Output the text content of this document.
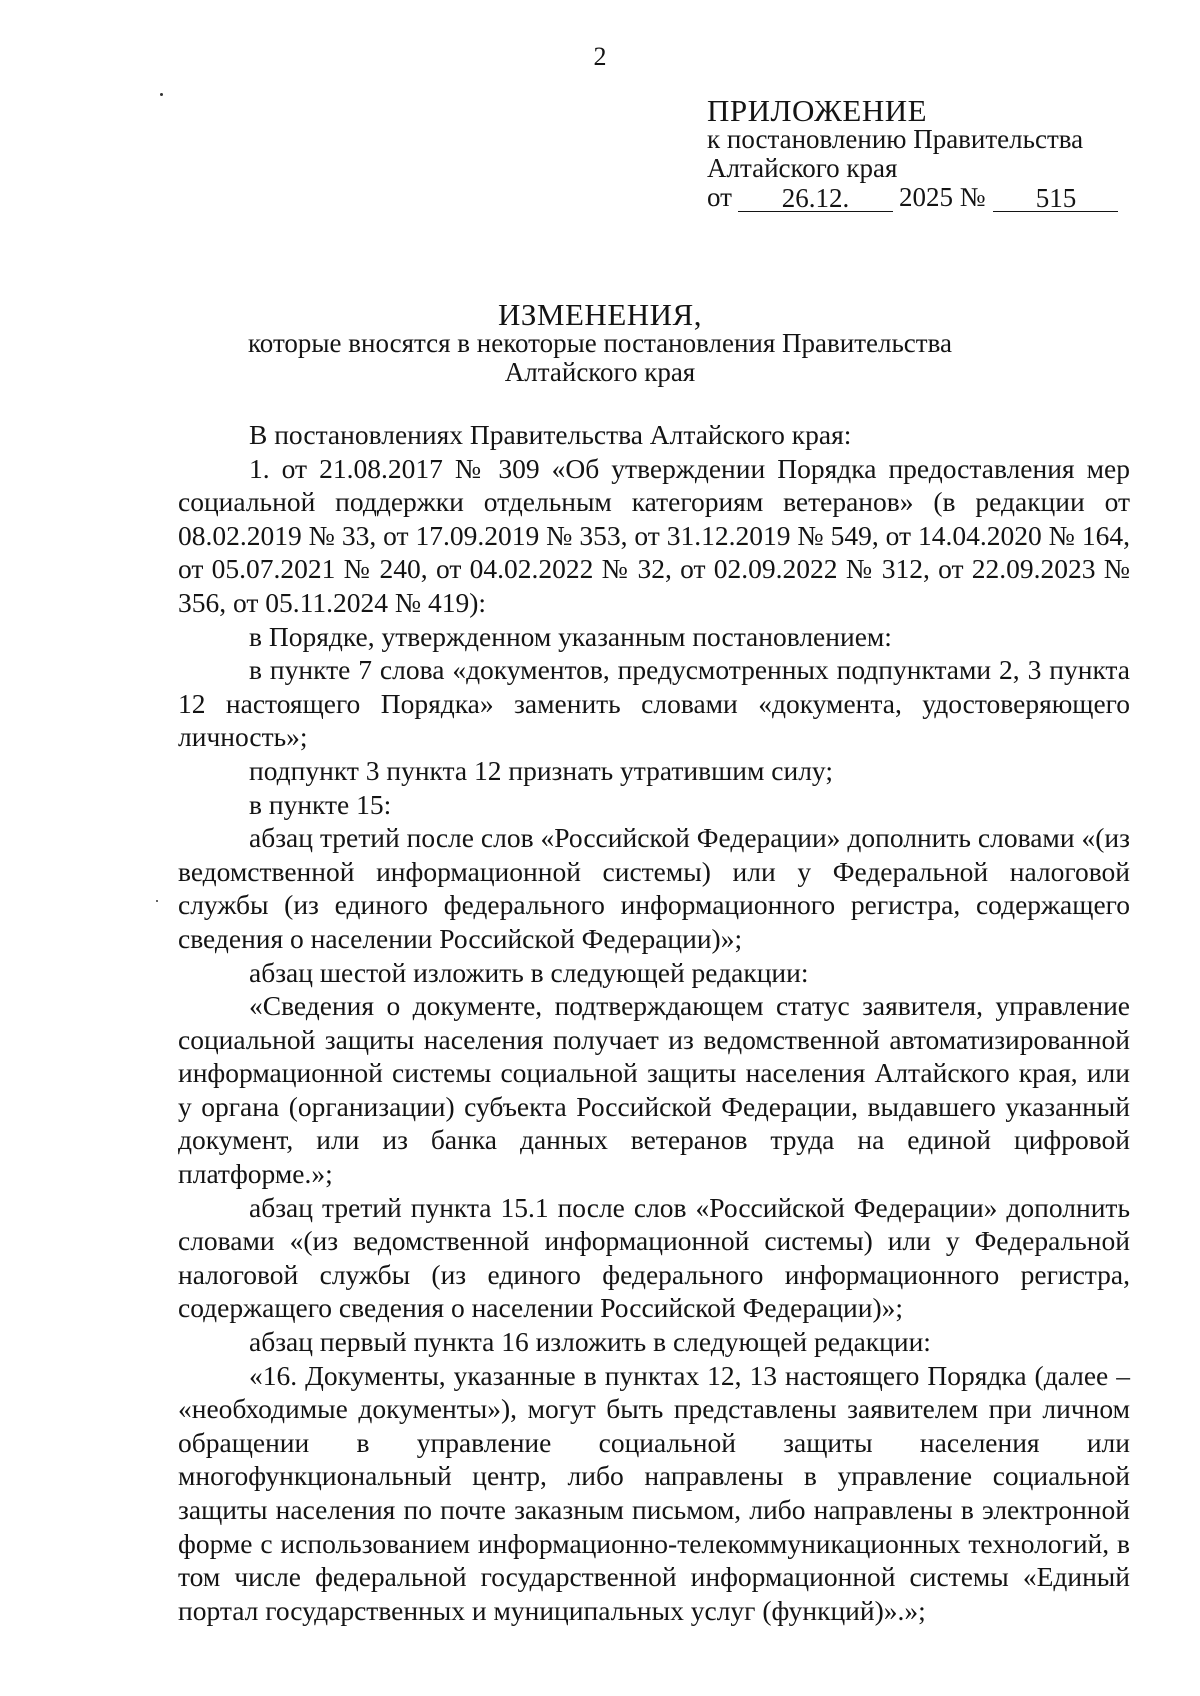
2
ПРИЛОЖЕНИЕ
к постановлению Правительства
Алтайского края
от	26.12.	2025 №	515
ИЗМЕНЕНИЯ,
которые вносятся в некоторые постановления Правительства
Алтайского края

В постановлениях Правительства Алтайского края:

1. от 21.08.2017 № 309 «Об утверждении Порядка предоставления мер социальной поддержки отдельным категориям ветеранов» (в редакции от 08.02.2019 № 33, от 17.09.2019 № 353, от 31.12.2019 № 549, от 14.04.2020 № 164, от 05.07.2021 № 240, от 04.02.2022 № 32, от 02.09.2022 № 312, от 22.09.2023 № 356, от 05.11.2024 № 419):

в Порядке, утвержденном указанным постановлением:

в пункте 7 слова «документов, предусмотренных подпунктами 2, 3 пункта 12 настоящего Порядка» заменить словами «документа, удостоверяющего личность»;

подпункт 3 пункта 12 признать утратившим силу;

в пункте 15:

абзац третий после слов «Российской Федерации» дополнить словами «(из ведомственной информационной системы) или у Федеральной налоговой службы (из единого федерального информационного регистра, содержащего сведения о населении Российской Федерации)»;

абзац шестой изложить в следующей редакции:

«Сведения о документе, подтверждающем статус заявителя, управление социальной защиты населения получает из ведомственной автоматизированной информационной системы социальной защиты населения Алтайского края, или у органа (организации) субъекта Российской Федерации, выдавшего указанный документ, или из банка данных ветеранов труда на единой цифровой платформе.»;

абзац третий пункта 15.1 после слов «Российской Федерации» дополнить словами «(из ведомственной информационной системы) или у Федеральной налоговой службы (из единого федерального информационного регистра, содержащего сведения о населении Российской Федерации)»;

абзац первый пункта 16 изложить в следующей редакции:

«16. Документы, указанные в пунктах 12, 13 настоящего Порядка (далее – «необходимые документы»), могут быть представлены заявителем при личном обращении в управление социальной защиты населения или многофункциональный центр, либо направлены в управление социальной защиты населения по почте заказным письмом, либо направлены в электронной форме с использованием информационно-телекоммуникационных технологий, в том числе федеральной государственной информационной системы «Единый портал государственных и муниципальных услуг (функций)».»;
